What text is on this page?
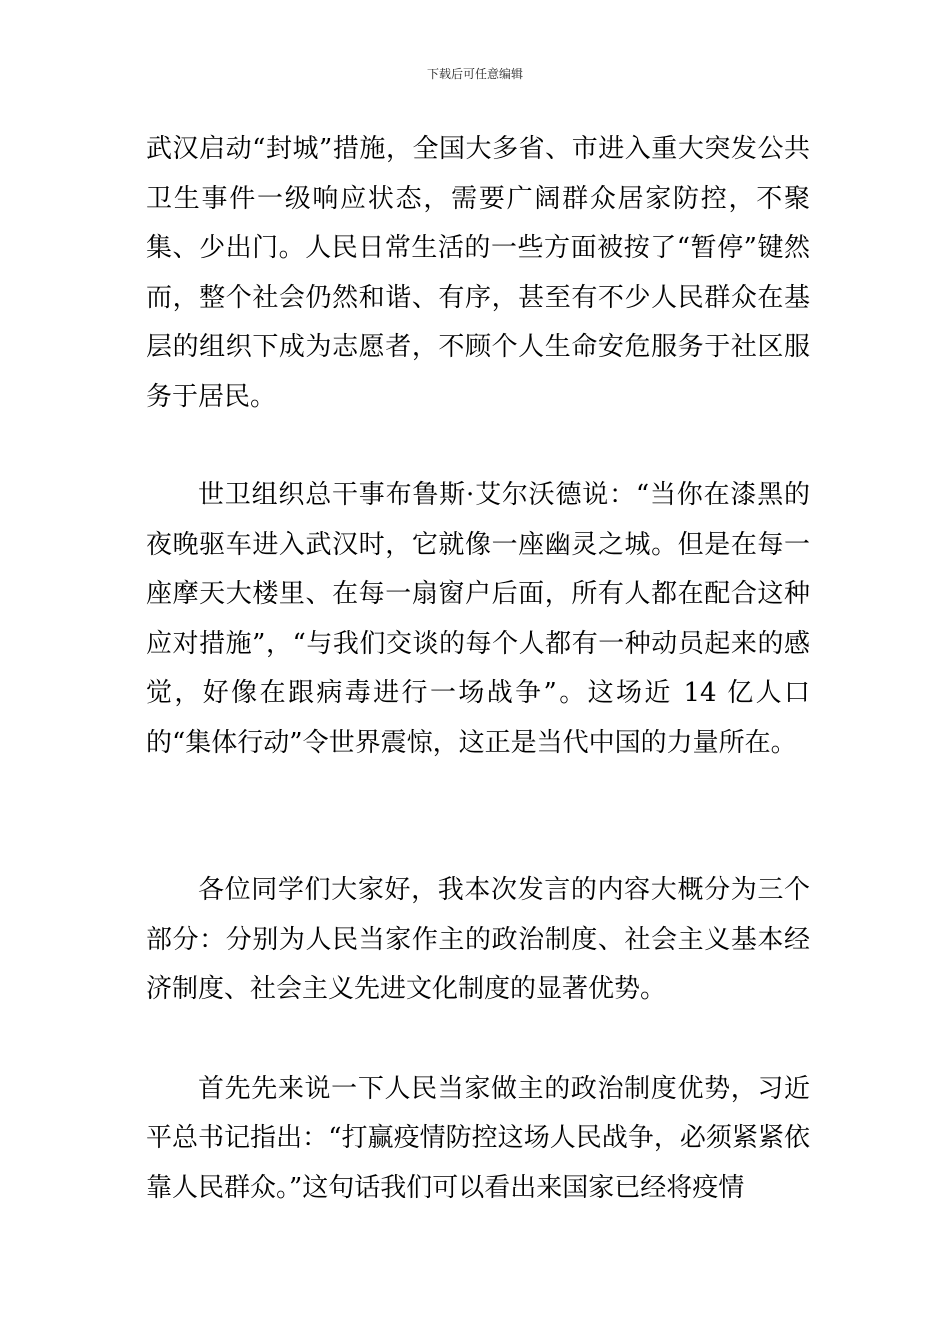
下载后可任意编辑

武汉启动“封城”措施，全国大多省、市进入重大突发公共卫生事件一级响应状态，需要广阔群众居家防控，不聚集、少出门。人民日常生活的一些方面被按了“暂停”键然而，整个社会仍然和谐、有序，甚至有不少人民群众在基层的组织下成为志愿者，不顾个人生命安危服务于社区服务于居民。

世卫组织总干事布鲁斯·艾尔沃德说：“当你在漆黑的夜晚驱车进入武汉时，它就像一座幽灵之城。但是在每一座摩天大楼里、在每一扇窗户后面，所有人都在配合这种应对措施”，“与我们交谈的每个人都有一种动员起来的感觉，好像在跟病毒进行一场战争”。这场近 14 亿人口的“集体行动”令世界震惊，这正是当代中国的力量所在。

各位同学们大家好，我本次发言的内容大概分为三个部分：分别为人民当家作主的政治制度、社会主义基本经济制度、社会主义先进文化制度的显著优势。

首先先来说一下人民当家做主的政治制度优势，习近平总书记指出：“打赢疫情防控这场人民战争，必须紧紧依靠人民群众。”这句话我们可以看出来国家已经将疫情
